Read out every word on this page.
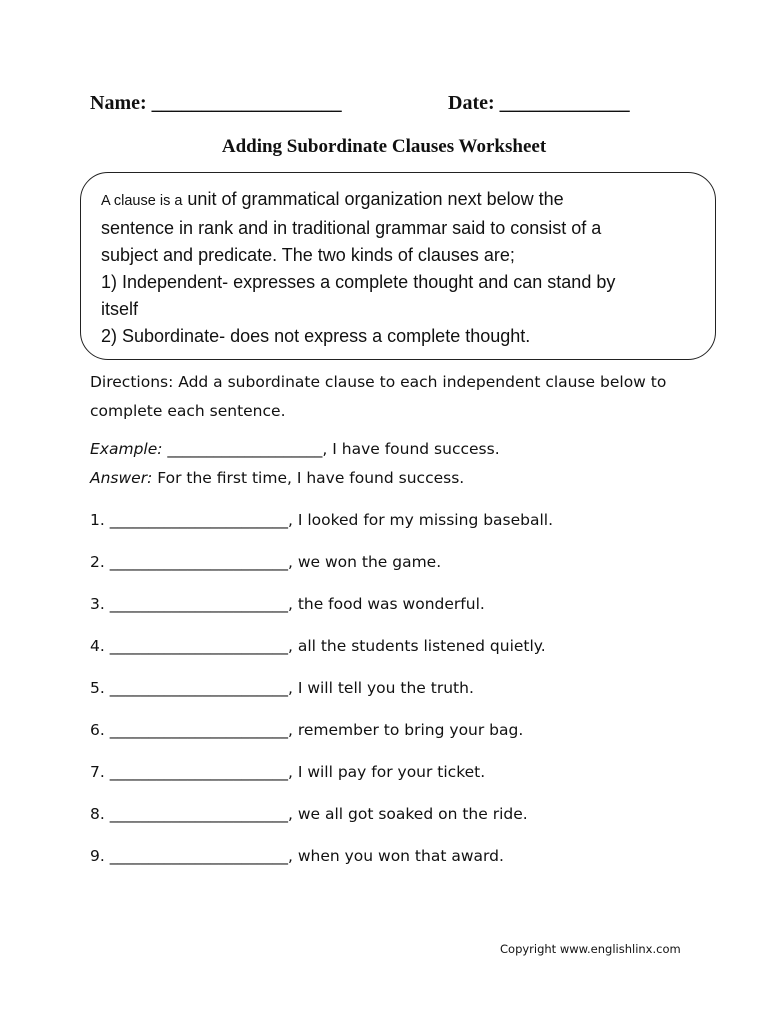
Name: ___________________	Date: _____________
Adding Subordinate Clauses Worksheet
A clause is a unit of grammatical organization next below the
sentence in rank and in traditional grammar said to consist of a
subject and predicate. The two kinds of clauses are;
1) Independent- expresses a complete thought and can stand by
itself
2) Subordinate- does not express a complete thought.
Directions: Add a subordinate clause to each independent clause below to complete each sentence.
Example: ____________________, I have found success.
Answer: For the first time, I have found success.
1. _______________________, I looked for my missing baseball.
2. _______________________, we won the game.
3. _______________________, the food was wonderful.
4. _______________________, all the students listened quietly.
5. _______________________, I will tell you the truth.
6. _______________________, remember to bring your bag.
7. _______________________, I will pay for your ticket.
8. _______________________, we all got soaked on the ride.
9. _______________________, when you won that award.
Copyright www.englishlinx.com
